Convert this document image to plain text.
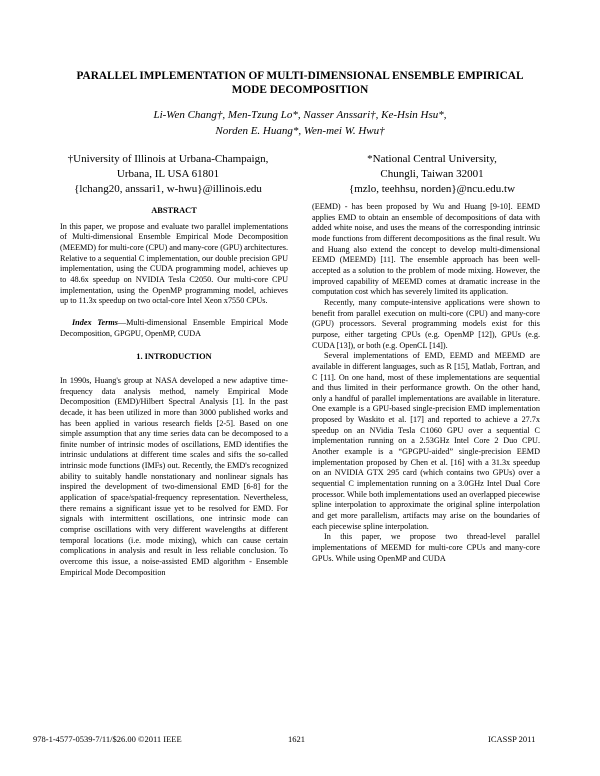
PARALLEL IMPLEMENTATION OF MULTI-DIMENSIONAL ENSEMBLE EMPIRICAL
MODE DECOMPOSITION
Li-Wen Chang†, Men-Tzung Lo*, Nasser Anssari†, Ke-Hsin Hsu*,
Norden E. Huang*, Wen-mei W. Hwu†
†University of Illinois at Urbana-Champaign,
Urbana, IL USA 61801
{lchang20, anssari1, w-hwu}@illinois.edu
*National Central University,
Chungli, Taiwan 32001
{mzlo, teehhsu, norden}@ncu.edu.tw

ABSTRACT

In this paper, we propose and evaluate two parallel implementations of Multi-dimensional Ensemble Empirical Mode Decomposition (MEEMD) for multi-core (CPU) and many-core (GPU) architectures. Relative to a sequential C implementation, our double precision GPU implementation, using the CUDA programming model, achieves up to 48.6x speedup on NVIDIA Tesla C2050. Our multi-core CPU implementation, using the OpenMP programming model, achieves up to 11.3x speedup on two octal-core Intel Xeon x7550 CPUs.

Index Terms—Multi-dimensional Ensemble Empirical Mode Decomposition, GPGPU, OpenMP, CUDA

1. INTRODUCTION

In 1990s, Huang's group at NASA developed a new adaptive time-frequency data analysis method, namely Empirical Mode Decomposition (EMD)/Hilbert Spectral Analysis [1]. In the past decade, it has been utilized in more than 3000 published works and has been applied in various research fields [2-5]. Based on one simple assumption that any time series data can be decomposed to a finite number of intrinsic modes of oscillations, EMD identifies the intrinsic undulations at different time scales and sifts the so-called intrinsic mode functions (IMFs) out. Recently, the EMD's recognized ability to suitably handle nonstationary and nonlinear signals has inspired the development of two-dimensional EMD [6-8] for the application of space/spatial-frequency representation. Nevertheless, there remains a significant issue yet to be resolved for EMD. For signals with intermittent oscillations, one intrinsic mode can comprise oscillations with very different wavelengths at different temporal locations (i.e. mode mixing), which can cause certain complications in analysis and result in less reliable conclusion. To overcome this issue, a noise-assisted EMD algorithm - Ensemble Empirical Mode Decomposition

(EEMD) - has been proposed by Wu and Huang [9-10]. EEMD applies EMD to obtain an ensemble of decompositions of data with added white noise, and uses the means of the corresponding intrinsic mode functions from different decompositions as the final result. Wu and Huang also extend the concept to develop multi-dimensional EEMD (MEEMD) [11]. The ensemble approach has been well-accepted as a solution to the problem of mode mixing. However, the improved capability of MEEMD comes at dramatic increase in the computation cost which has severely limited its application.

Recently, many compute-intensive applications were shown to benefit from parallel execution on multi-core (CPU) and many-core (GPU) processors. Several programming models exist for this purpose, either targeting CPUs (e.g. OpenMP [12]), GPUs (e.g. CUDA [13]), or both (e.g. OpenCL [14]).

Several implementations of EMD, EEMD and MEEMD are available in different languages, such as R [15], Matlab, Fortran, and C [11]. On one hand, most of these implementations are sequential and thus limited in their performance growth. On the other hand, only a handful of parallel implementations are available in literature. One example is a GPU-based single-precision EMD implementation proposed by Waskito et al. [17] and reported to achieve a 27.7x speedup on an NVidia Tesla C1060 GPU over a sequential C implementation running on a 2.53GHz Intel Core 2 Duo CPU. Another example is a “GPGPU-aided” single-precision EEMD implementation proposed by Chen et al. [16] with a 31.3x speedup on an NVIDIA GTX 295 card (which contains two GPUs) over a sequential C implementation running on a 3.0GHz Intel Dual Core processor. While both implementations used an overlapped piecewise spline interpolation to approximate the original spline interpolation and get more parallelism, artifacts may arise on the boundaries of each piecewise spline interpolation.

In this paper, we propose two thread-level parallel implementations of MEEMD for multi-core CPUs and many-core GPUs. While using OpenMP and CUDA

978-1-4577-0539-7/11/$26.00 ©2011 IEEE	1621	ICASSP 2011
